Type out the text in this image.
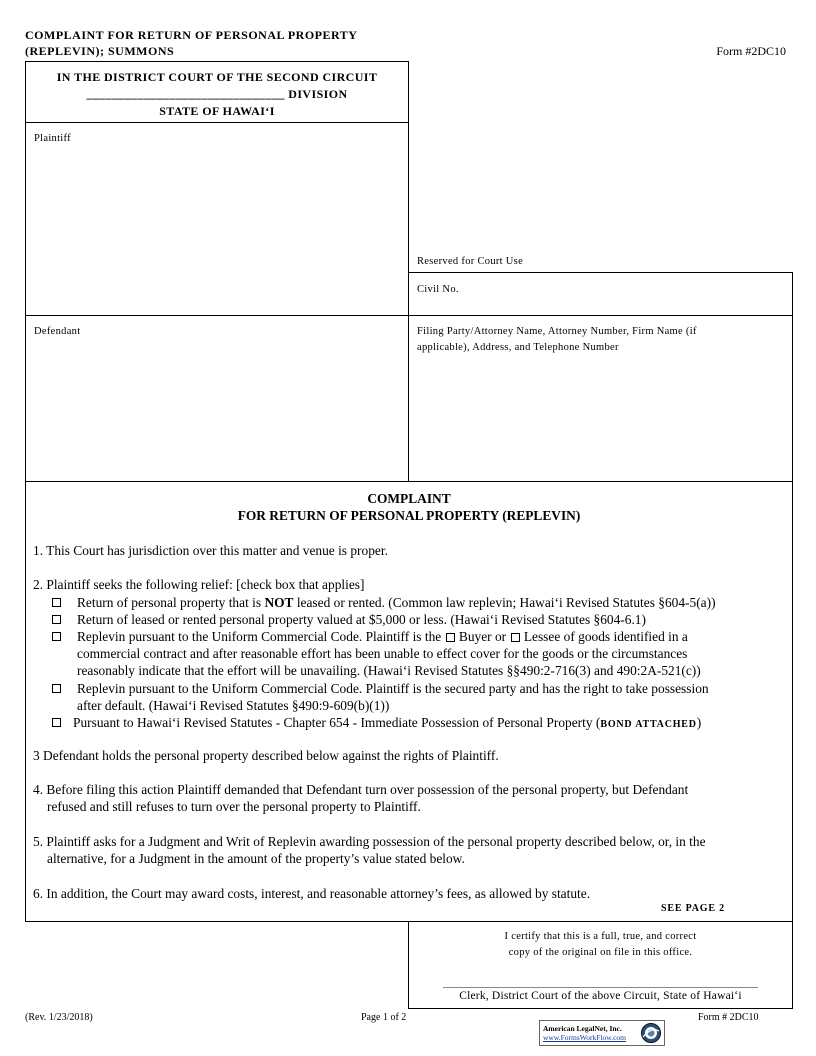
COMPLAINT FOR RETURN OF PERSONAL PROPERTY
(REPLEVIN); SUMMONS	Form #2DC10
IN THE DISTRICT COURT OF THE SECOND CIRCUIT
_______________________________ DIVISION
STATE OF HAWAI‘I
Plaintiff
Reserved for Court Use
Civil No.
Defendant	Filing Party/Attorney Name, Attorney Number, Firm Name (if
applicable), Address, and Telephone Number
COMPLAINT
FOR RETURN OF PERSONAL PROPERTY (REPLEVIN)
1. This Court has jurisdiction over this matter and venue is proper.
2. Plaintiff seeks the following relief: [check box that applies]
Return of personal property that is NOT leased or rented. (Common law replevin; Hawai‘i Revised Statutes §604-5(a))
Return of leased or rented personal property valued at $5,000 or less. (Hawai‘i Revised Statutes §604-6.1)
Replevin pursuant to the Uniform Commercial Code. Plaintiff is the  Buyer or  Lessee of goods identified in a
commercial contract and after reasonable effort has been unable to effect cover for the goods or the circumstances
reasonably indicate that the effort will be unavailing. (Hawai‘i Revised Statutes §§490:2-716(3) and 490:2A-521(c))
Replevin pursuant to the Uniform Commercial Code. Plaintiff is the secured party and has the right to take possession
after default. (Hawai‘i Revised Statutes §490:9-609(b)(1))
Pursuant to Hawai‘i Revised Statutes - Chapter 654 - Immediate Possession of Personal Property (BOND ATTACHED)
3 Defendant holds the personal property described below against the rights of Plaintiff.
4. Before filing this action Plaintiff demanded that Defendant turn over possession of the personal property, but Defendant
refused and still refuses to turn over the personal property to Plaintiff.
5. Plaintiff asks for a Judgment and Writ of Replevin awarding possession of the personal property described below, or, in the
alternative, for a Judgment in the amount of the property’s value stated below.
6. In addition, the Court may award costs, interest, and reasonable attorney’s fees, as allowed by statute.
SEE PAGE 2
I certify that this is a full, true, and correct
copy of the original on file in this office.
Clerk, District Court of the above Circuit, State of Hawai‘i
(Rev. 1/23/2018)	Page 1 of 2	Form # 2DC10
American LegalNet, Inc.
www.FormsWorkFlow.com
